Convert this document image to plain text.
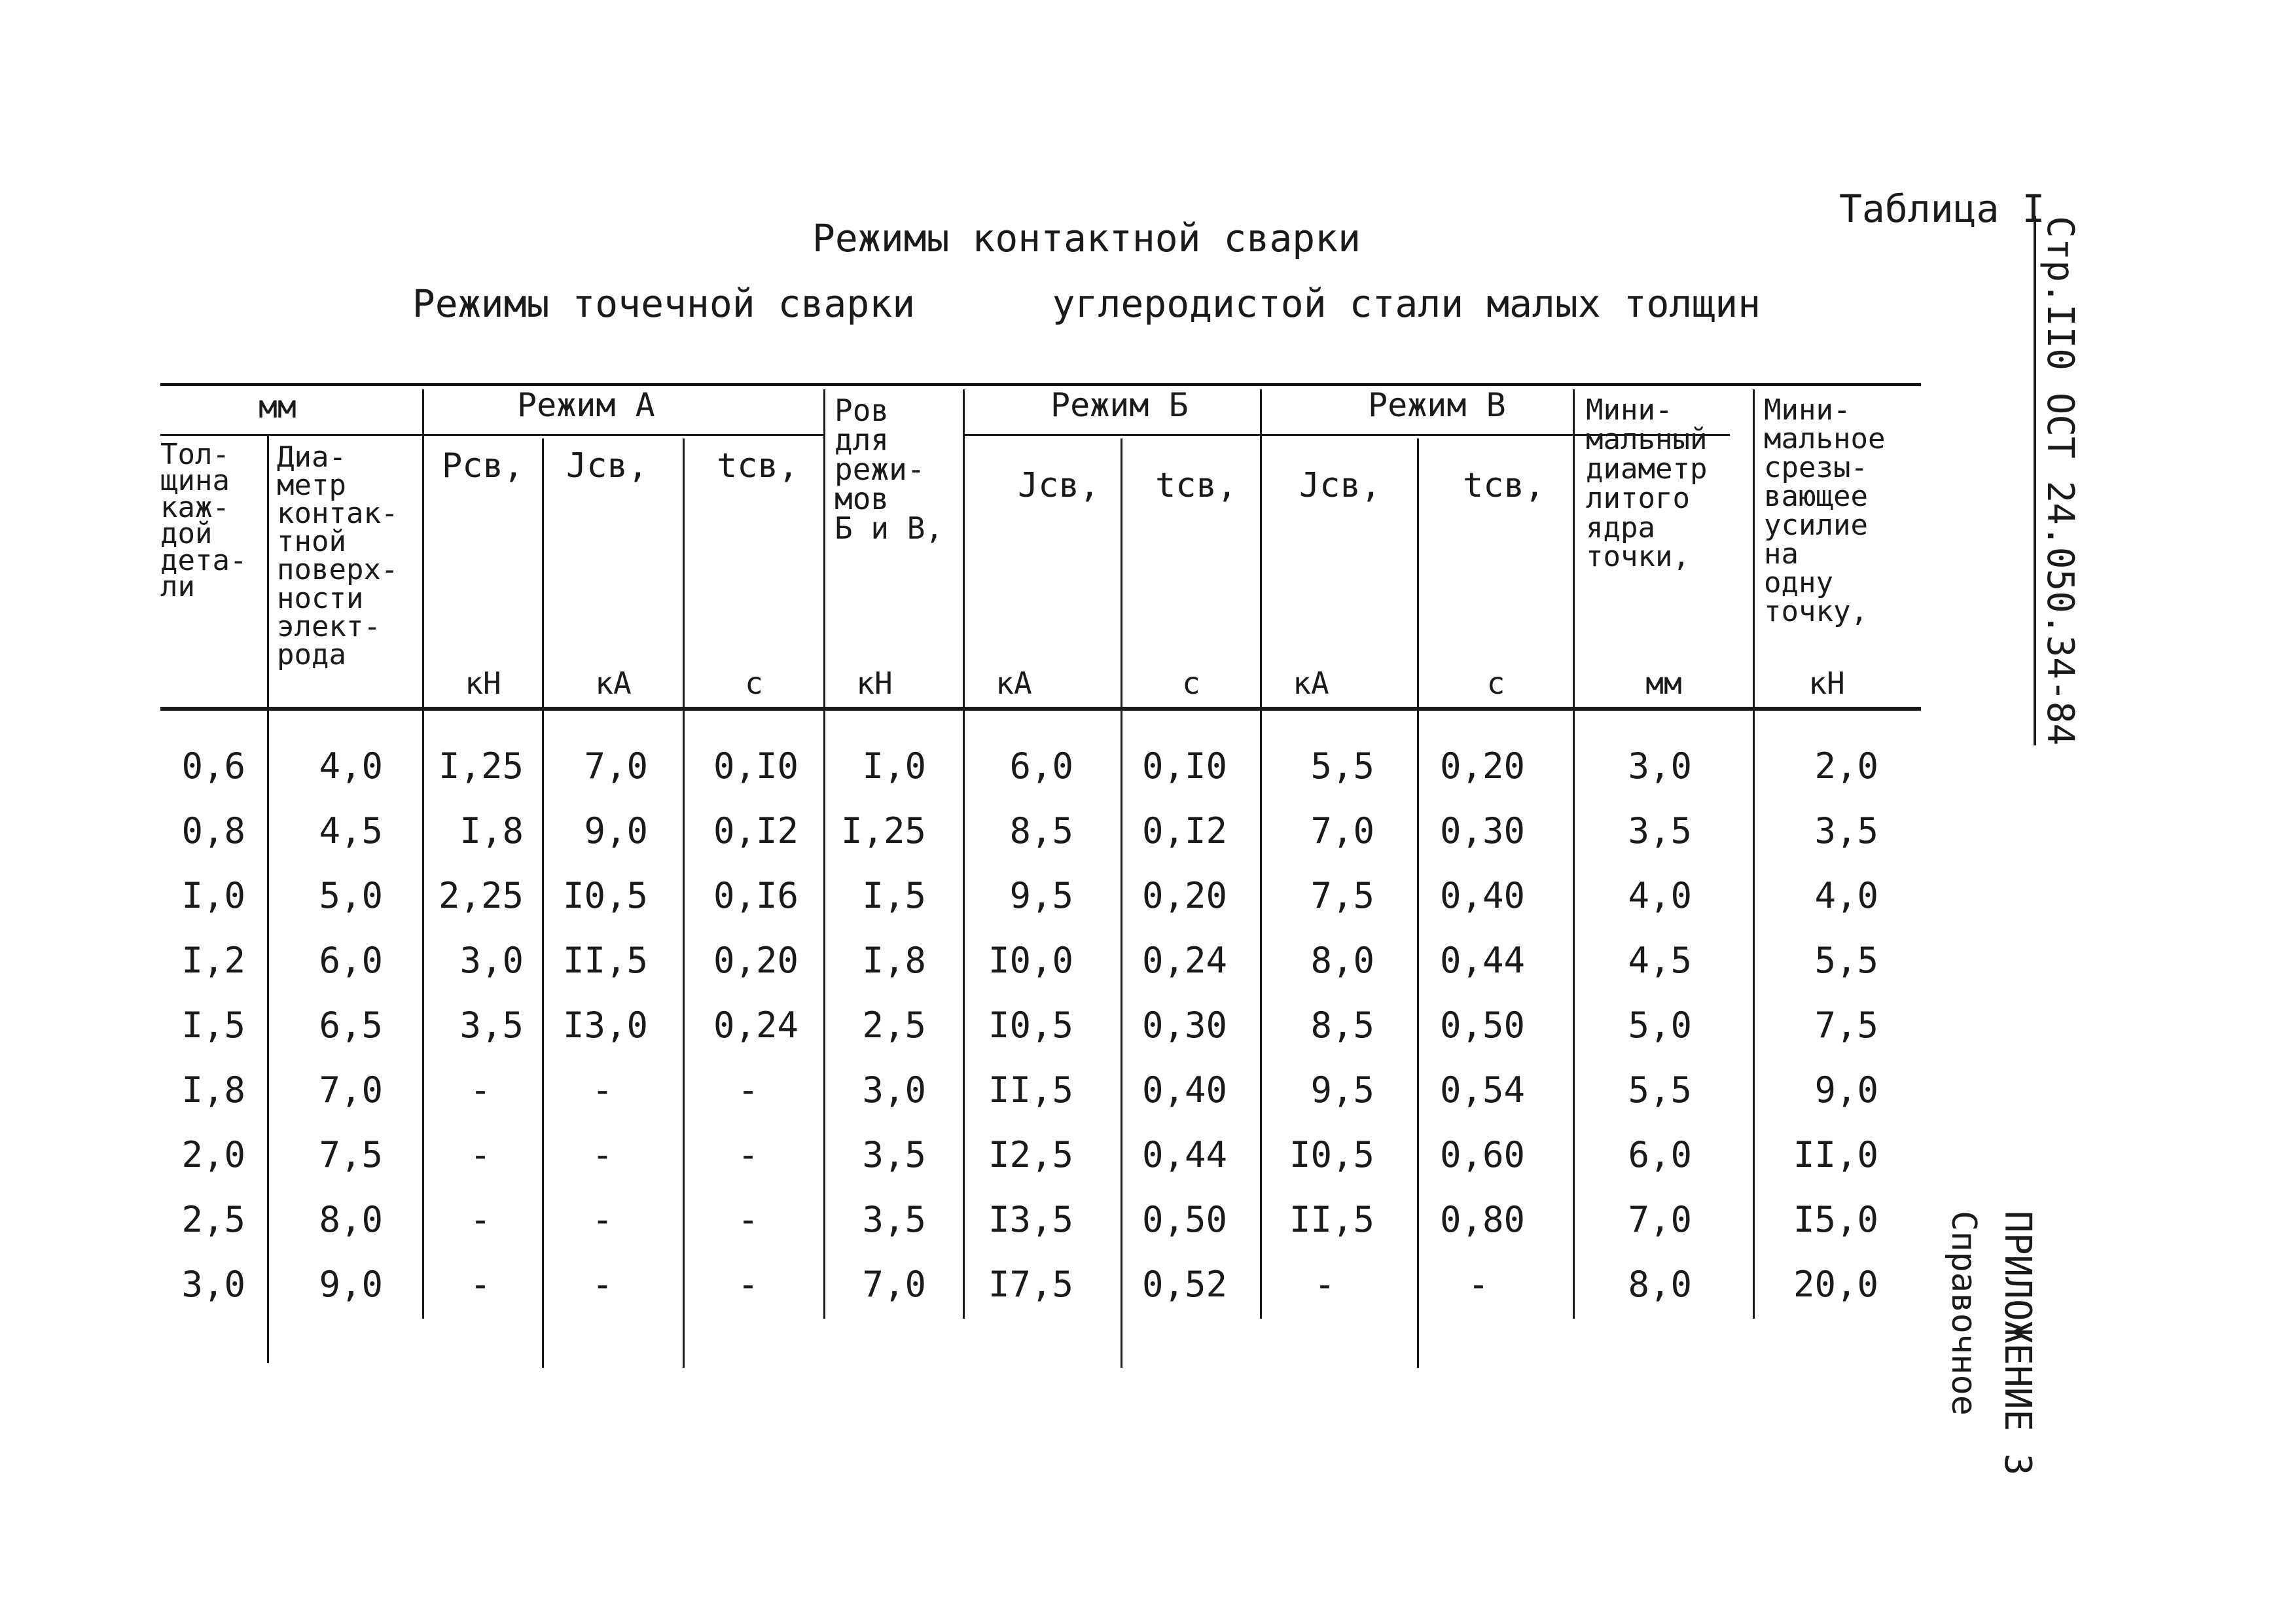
Таблица I
Режимы контактной сварки
Режимы точечной сварки      углеродистой стали малых толщин	Стр.II0 ОСТ 24.050.34-84
ПРИЛОЖЕНИЕ 3
Справочное
мм	Режим А	Режим Б	Режим В
Тол-
щина
каж-
дой
дета-
ли
Диа-
метр
контак-
тной
поверх-
ности
элект-
рода
Pсв, Jсв, tсв,
Pов
для
режи-
мов
Б и В,
Jсв, tсв, Jсв, tсв,
Мини-
мальный
диаметр
литого
ядра
точки,
Мини-
мальное
срезы-
вающее
усилие
на
одну
точку,
кН	кА	с	кН	кА	с	кА	с	мм	кН
0,6	4,0	I,25	7,0	0,I0	I,0	6,0	0,I0	5,5	0,20	3,0	2,0
0,8	4,5	I,8	9,0	0,I2	I,25	8,5	0,I2	7,0	0,30	3,5	3,5
I,0	5,0	2,25	I0,5	0,I6	I,5	9,5	0,20	7,5	0,40	4,0	4,0
I,2	6,0	3,0	II,5	0,20	I,8	I0,0	0,24	8,0	0,44	4,5	5,5
I,5	6,5	3,5	I3,0	0,24	2,5	I0,5	0,30	8,5	0,50	5,0	7,5
I,8	7,0	-	-	-	3,0	II,5	0,40	9,5	0,54	5,5	9,0
2,0	7,5	-	-	-	3,5	I2,5	0,44	I0,5	0,60	6,0	II,0
2,5	8,0	-	-	-	3,5	I3,5	0,50	II,5	0,80	7,0	I5,0
3,0	9,0	-	-	-	7,0	I7,5	0,52	-	-	8,0	20,0
